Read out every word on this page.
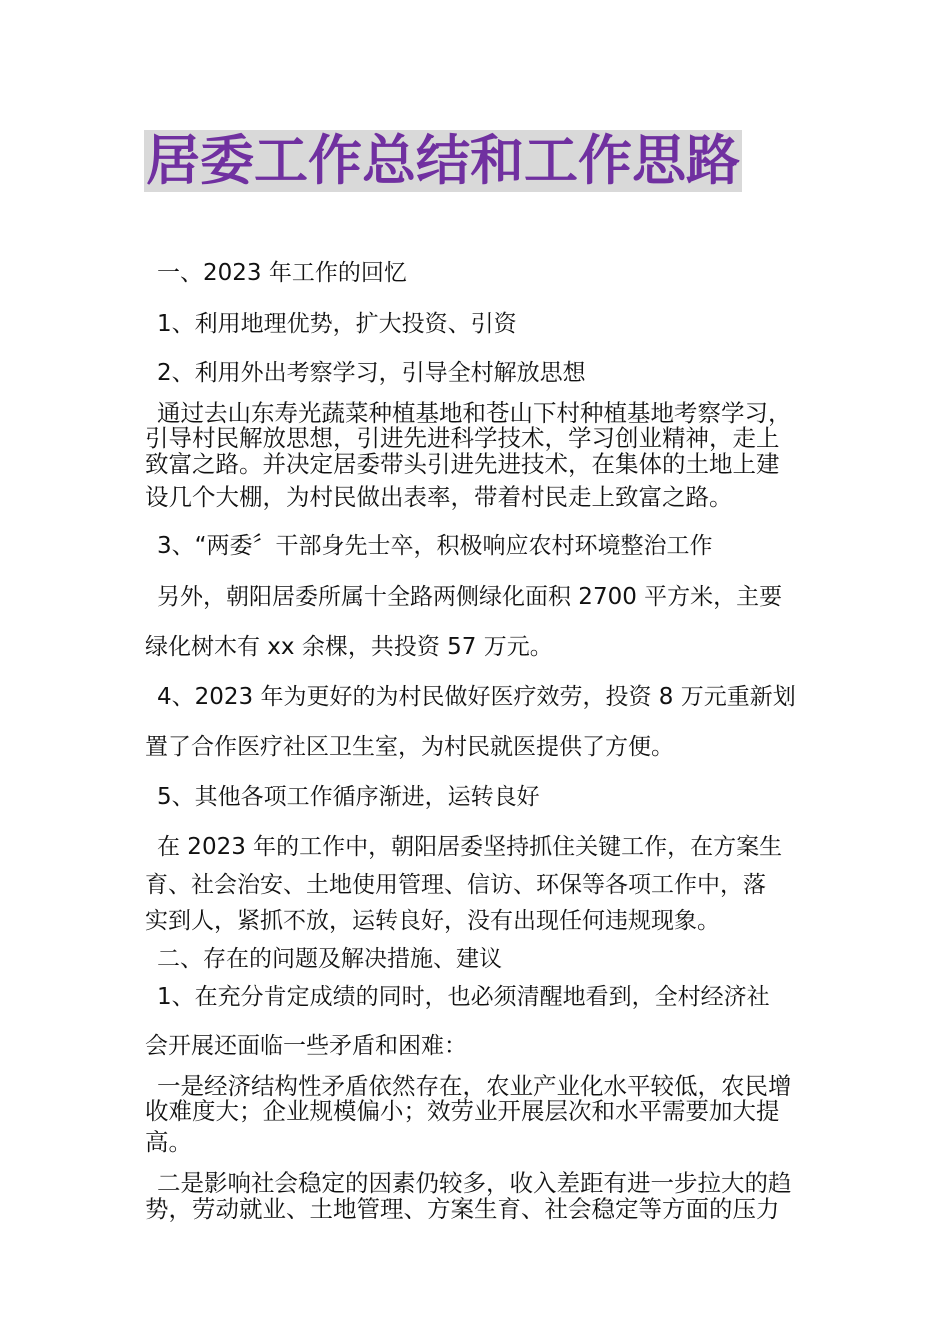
居委工作总结和工作思路
一、2023 年工作的回忆
1、利用地理优势，扩大投资、引资
2、利用外出考察学习，引导全村解放思想
通过去山东寿光蔬菜种植基地和苍山下村种植基地考察学习，
引导村民解放思想，引进先进科学技术，学习创业精神，走上
致富之路。并决定居委带头引进先进技术，在集体的土地上建
设几个大棚，为村民做出表率，带着村民走上致富之路。
3、“两委〞干部身先士卒，积极响应农村环境整治工作
另外，朝阳居委所属十全路两侧绿化面积 2700 平方米，主要
绿化树木有 xx 余棵，共投资 57 万元。
4、2023 年为更好的为村民做好医疗效劳，投资 8 万元重新划
置了合作医疗社区卫生室，为村民就医提供了方便。
5、其他各项工作循序渐进，运转良好
在 2023 年的工作中，朝阳居委坚持抓住关键工作，在方案生
育、社会治安、土地使用管理、信访、环保等各项工作中，落
实到人，紧抓不放，运转良好，没有出现任何违规现象。
二、存在的问题及解决措施、建议
1、在充分肯定成绩的同时，也必须清醒地看到，全村经济社
会开展还面临一些矛盾和困难：
一是经济结构性矛盾依然存在，农业产业化水平较低，农民增
收难度大；企业规模偏小；效劳业开展层次和水平需要加大提
高。
二是影响社会稳定的因素仍较多，收入差距有进一步拉大的趋
势，劳动就业、土地管理、方案生育、社会稳定等方面的压力
